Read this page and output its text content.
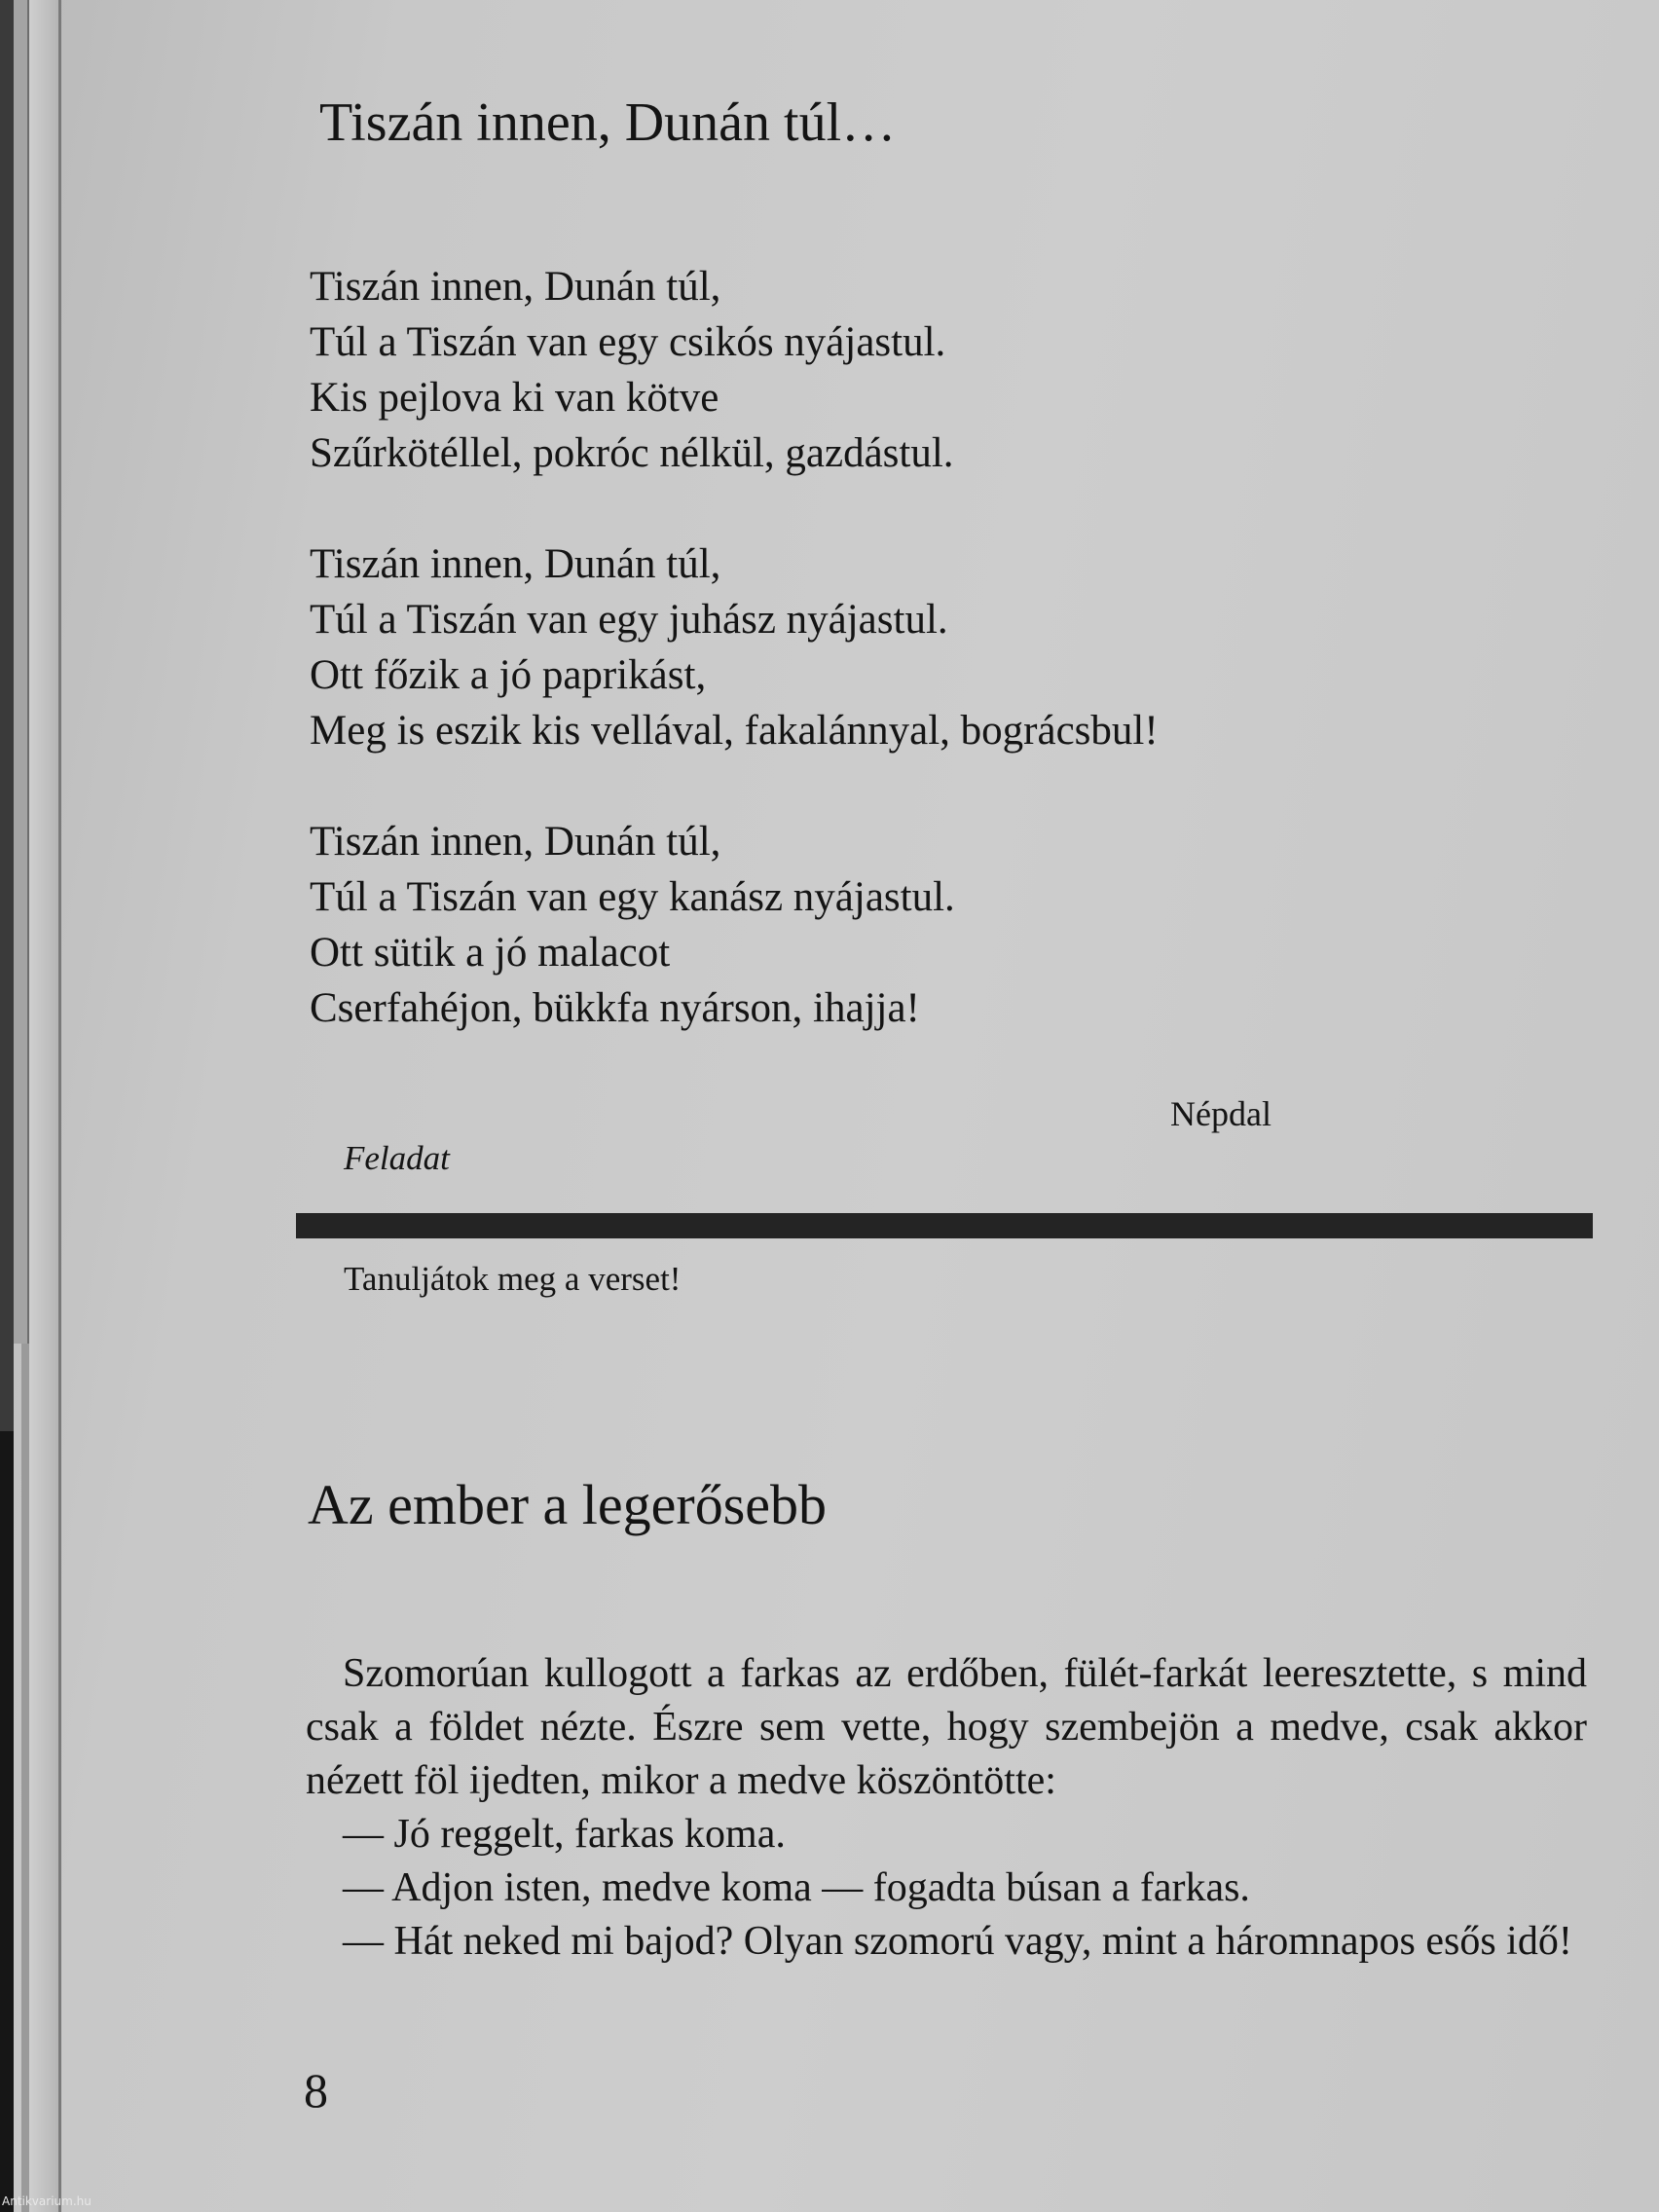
Tiszán innen, Dunán túl…
Tiszán innen, Dunán túl,
Túl a Tiszán van egy csikós nyájastul.
Kis pejlova ki van kötve
Szűrkötéllel, pokróc nélkül, gazdástul.
Tiszán innen, Dunán túl,
Túl a Tiszán van egy juhász nyájastul.
Ott főzik a jó paprikást,
Meg is eszik kis vellával, fakalánnyal, bográcsbul!
Tiszán innen, Dunán túl,
Túl a Tiszán van egy kanász nyájastul.
Ott sütik a jó malacot
Cserfahéjon, bükkfa nyárson, ihajja!
Népdal
Feladat
Tanuljátok meg a verset!
Az ember a legerősebb

Szomorúan kullogott a farkas az erdőben, fülét-farkát leeresztette, s mind csak a földet nézte. Észre sem vette, hogy szembejön a medve, csak akkor nézett föl ijedten, mikor a medve köszöntötte:

— Jó reggelt, farkas koma.

— Adjon isten, medve koma — fogadta búsan a farkas.

— Hát neked mi bajod? Olyan szomorú vagy, mint a háromnapos esős idő!

8
Antikvarium.hu
